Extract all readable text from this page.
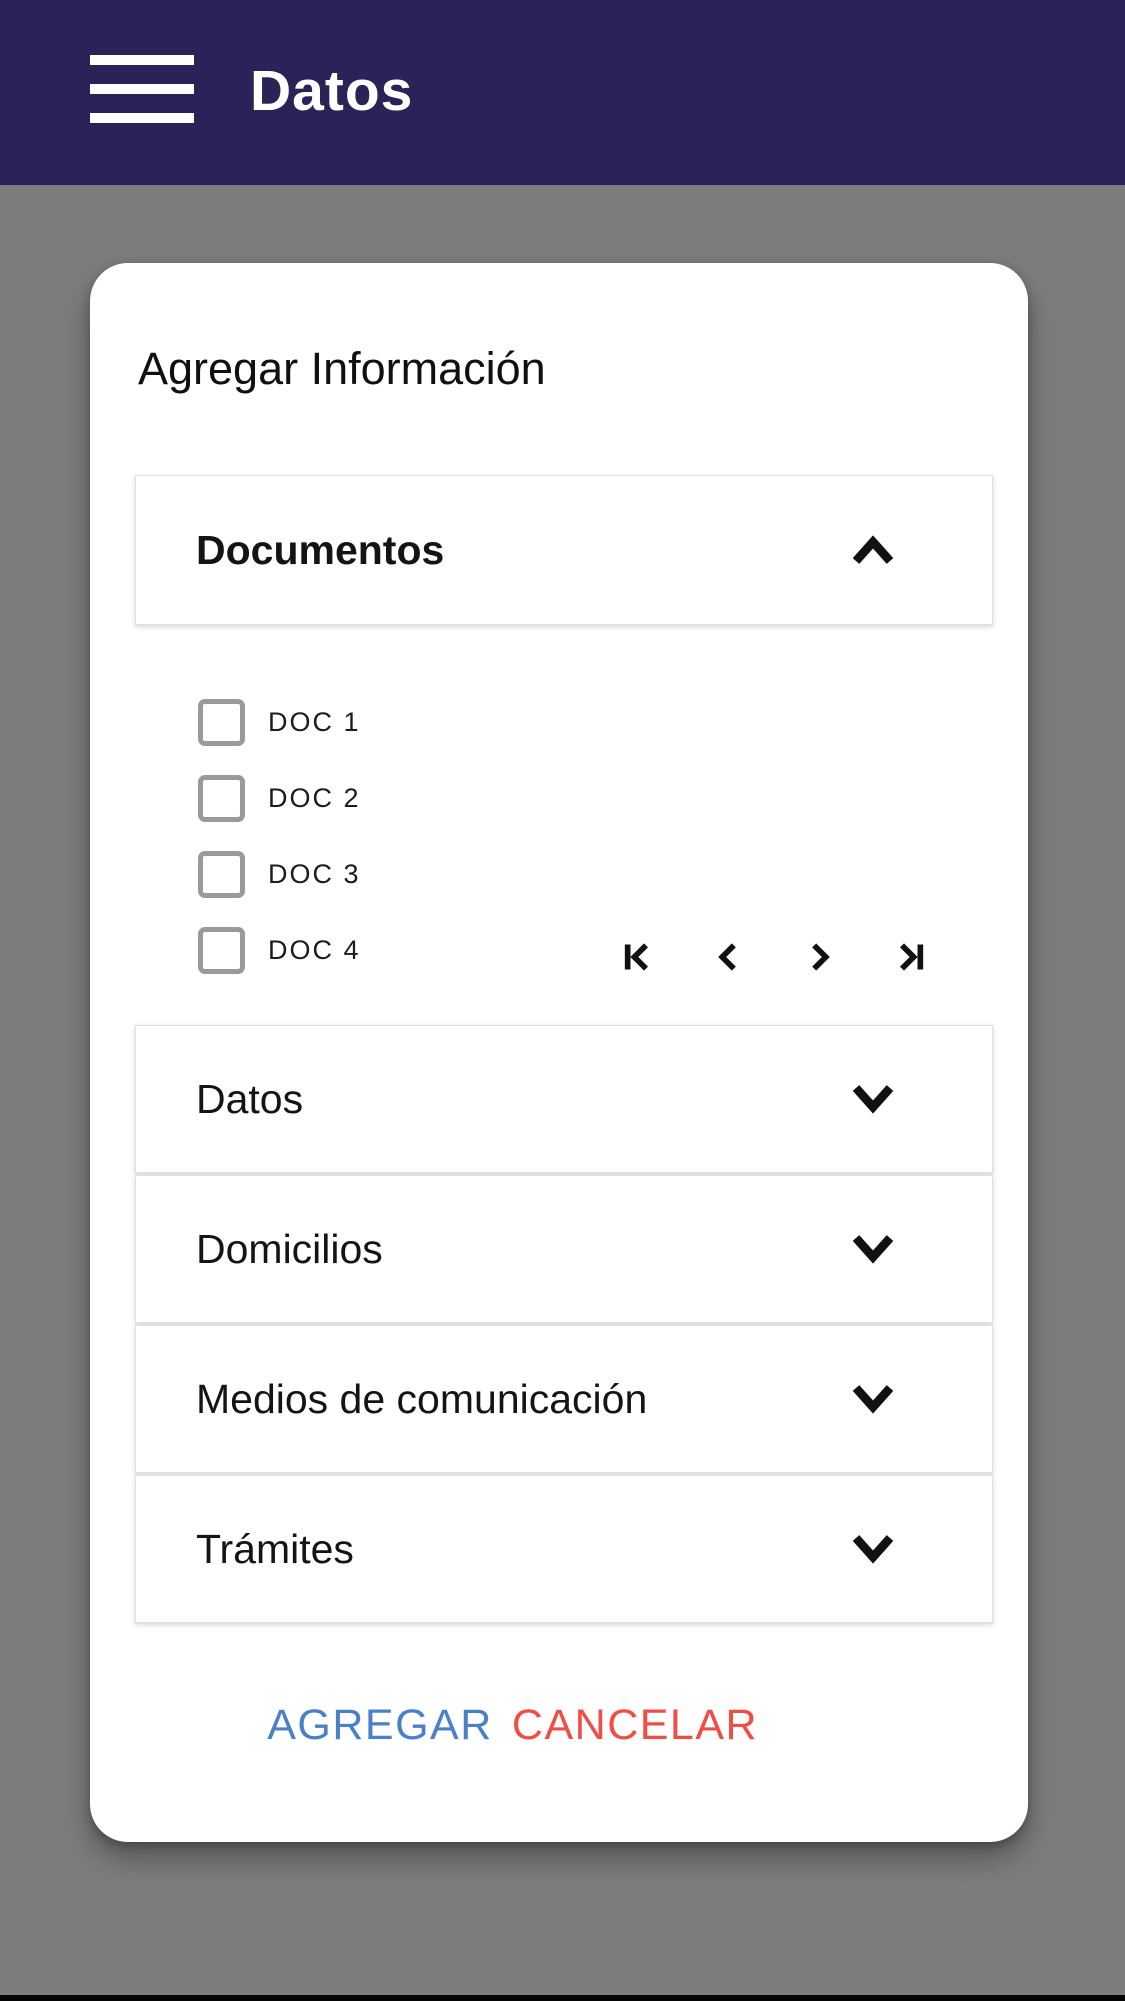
Datos
Agregar Información
Documentos
DOC 1
DOC 2
DOC 3
DOC 4
Datos
Domicilios
Medios de comunicación
Trámites
AGREGAR CANCELAR
